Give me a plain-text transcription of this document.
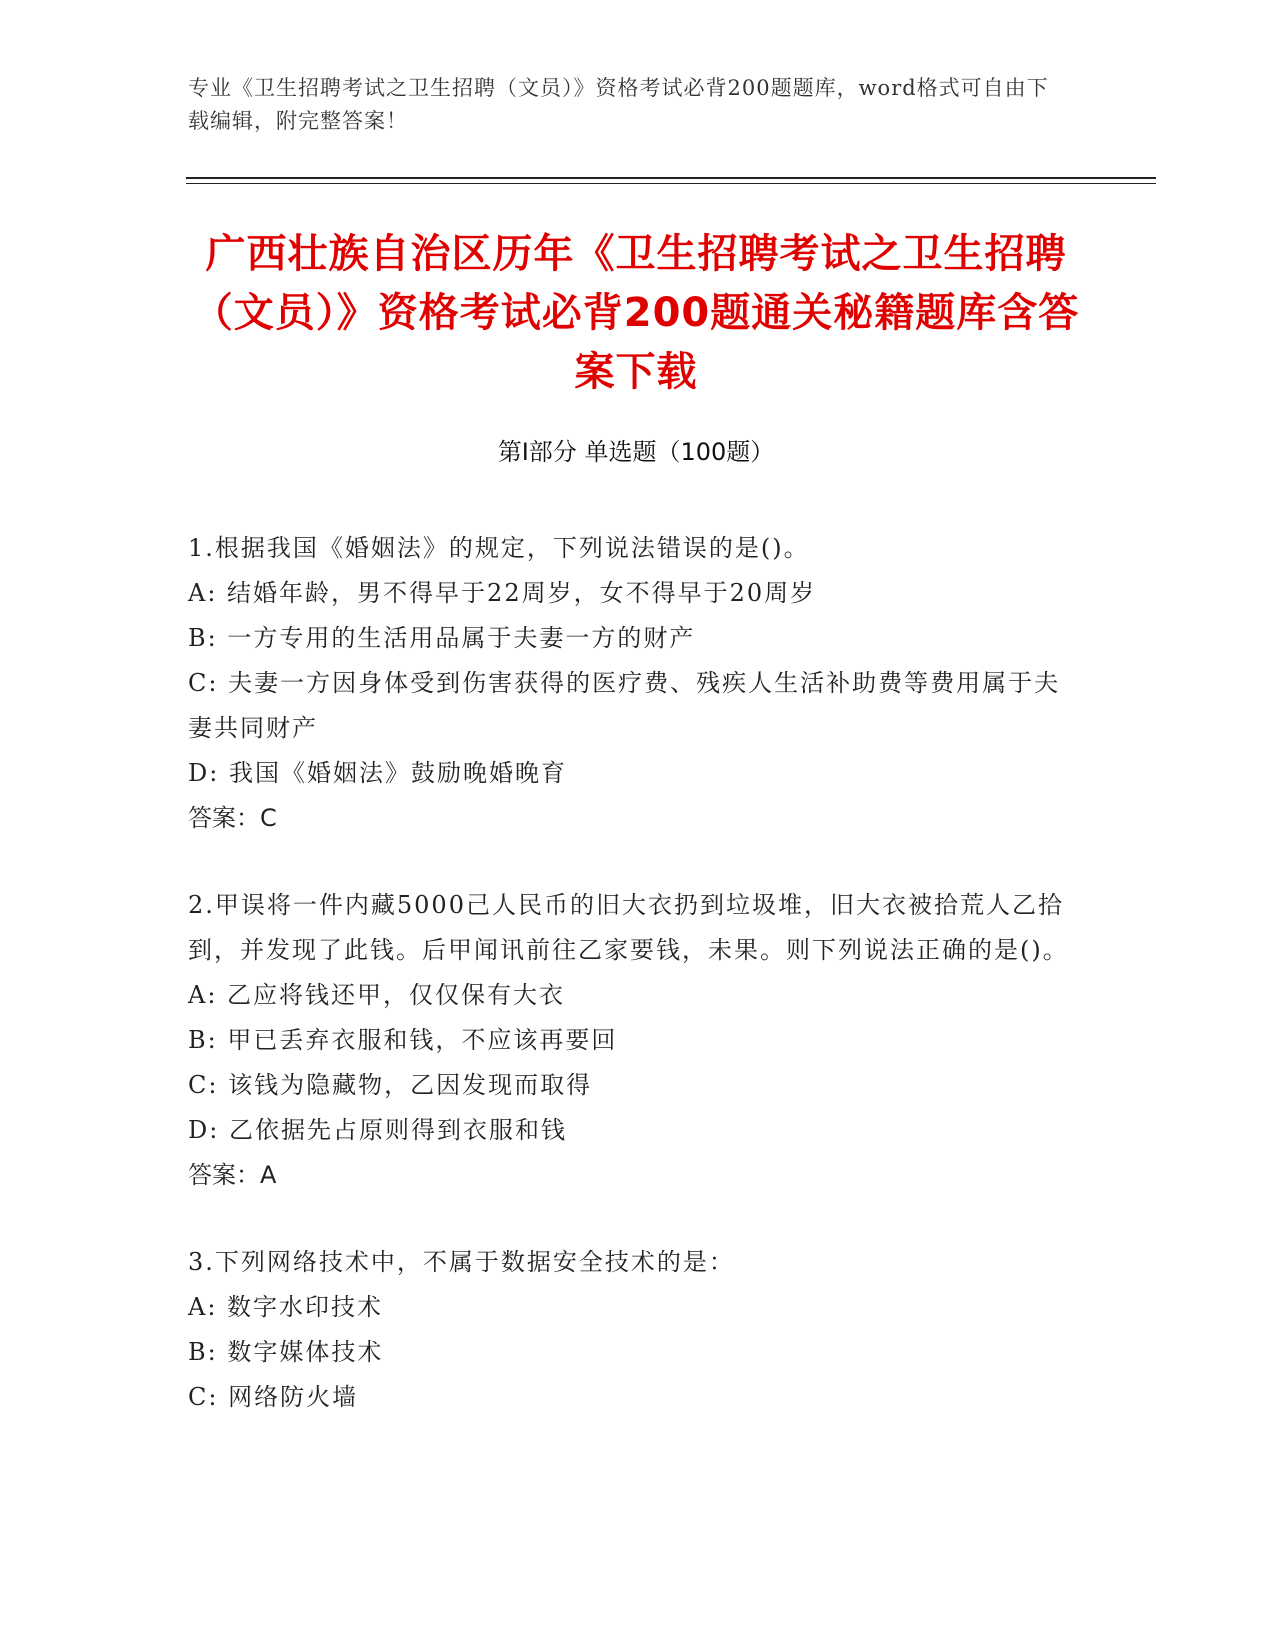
专业《卫生招聘考试之卫生招聘（文员）》资格考试必背200题题库，word格式可自由下载编辑，附完整答案！
广西壮族自治区历年《卫生招聘考试之卫生招聘（文员）》资格考试必背200题通关秘籍题库含答案下载
第Ⅰ部分 单选题（100题）
1.根据我国《婚姻法》的规定，下列说法错误的是()。
A: 结婚年龄，男不得早于22周岁，女不得早于20周岁
B: 一方专用的生活用品属于夫妻一方的财产
C: 夫妻一方因身体受到伤害获得的医疗费、残疾人生活补助费等费用属于夫妻共同财产
D: 我国《婚姻法》鼓励晚婚晚育
答案：C
2.甲误将一件内藏5000己人民币的旧大衣扔到垃圾堆，旧大衣被拾荒人乙拾到，并发现了此钱。后甲闻讯前往乙家要钱，未果。则下列说法正确的是()。
A: 乙应将钱还甲，仅仅保有大衣
B: 甲已丢弃衣服和钱，不应该再要回
C: 该钱为隐藏物，乙因发现而取得
D: 乙依据先占原则得到衣服和钱
答案：A
3.下列网络技术中，不属于数据安全技术的是：
A: 数字水印技术
B: 数字媒体技术
C: 网络防火墙
